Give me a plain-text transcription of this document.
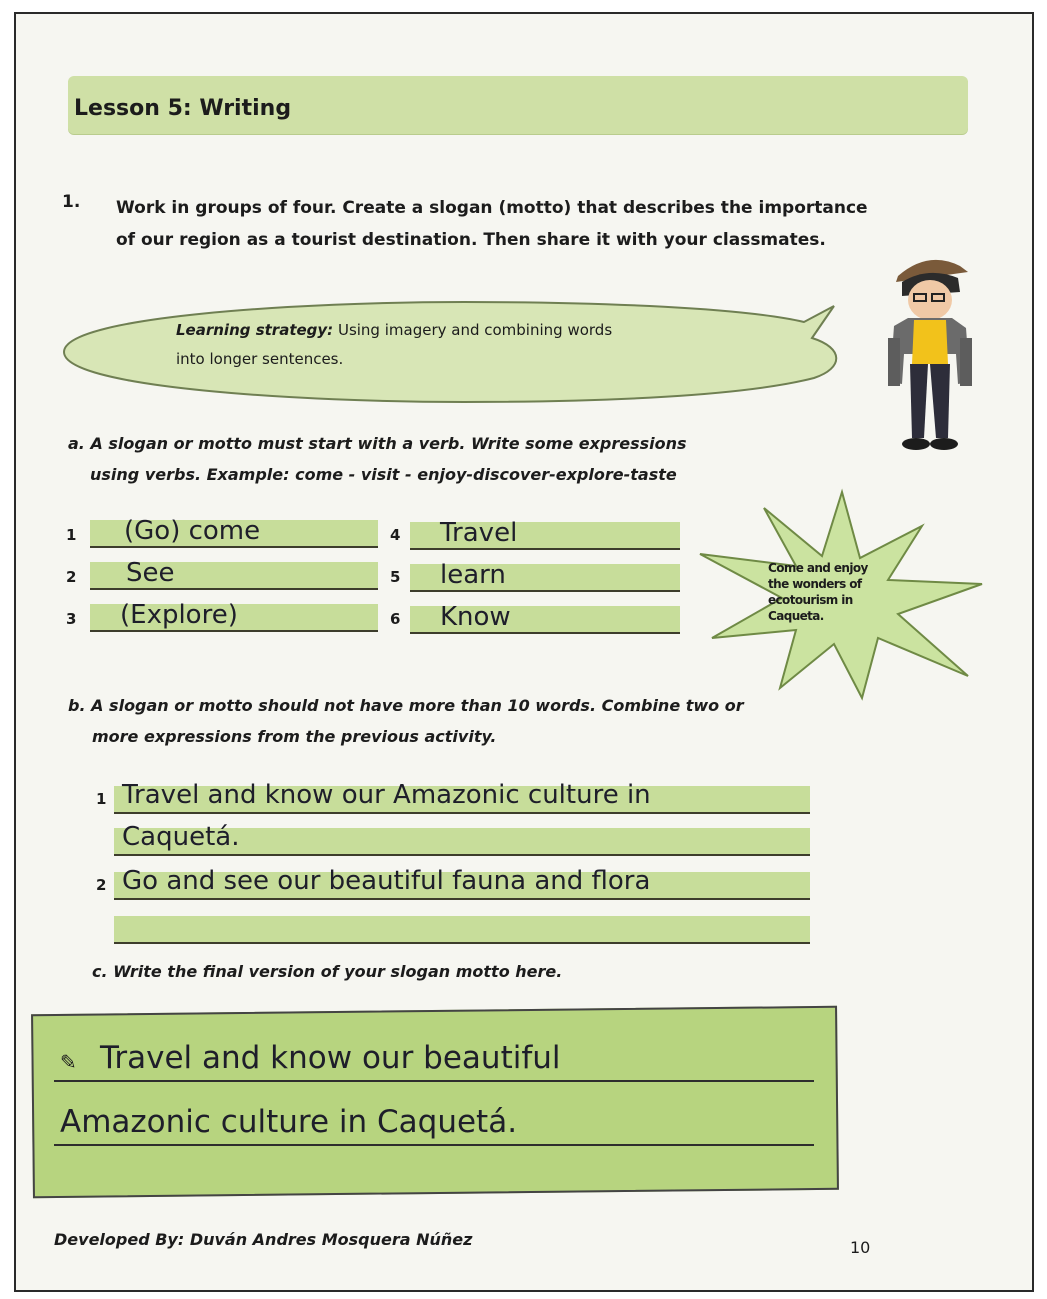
Lesson 5: Writing
1. Work in groups of four. Create a slogan (motto) that describes the importance of our region as a tourist destination. Then share it with your classmates.
Learning strategy: Using imagery and combining words
into longer sentences.
a. A slogan or motto must start with a verb. Write some expressions
using verbs. Example: come - visit - enjoy-discover-explore-taste
1 (Go) come
2 See
3 (Explore)
4 Travel
5 learn
6 Know
Come and enjoy
the wonders of
ecotourism in
Caqueta.
b. A slogan or motto should not have more than 10 words. Combine two or
more expressions from the previous activity.
1 Travel and know our Amazonic culture in
Caquetá.
2 Go and see our beautiful fauna and flora
c. Write the final version of your slogan motto here.
✎ Travel and know our beautiful
Amazonic culture in Caquetá.
Developed By: Duván Andres Mosquera Núñez	10
